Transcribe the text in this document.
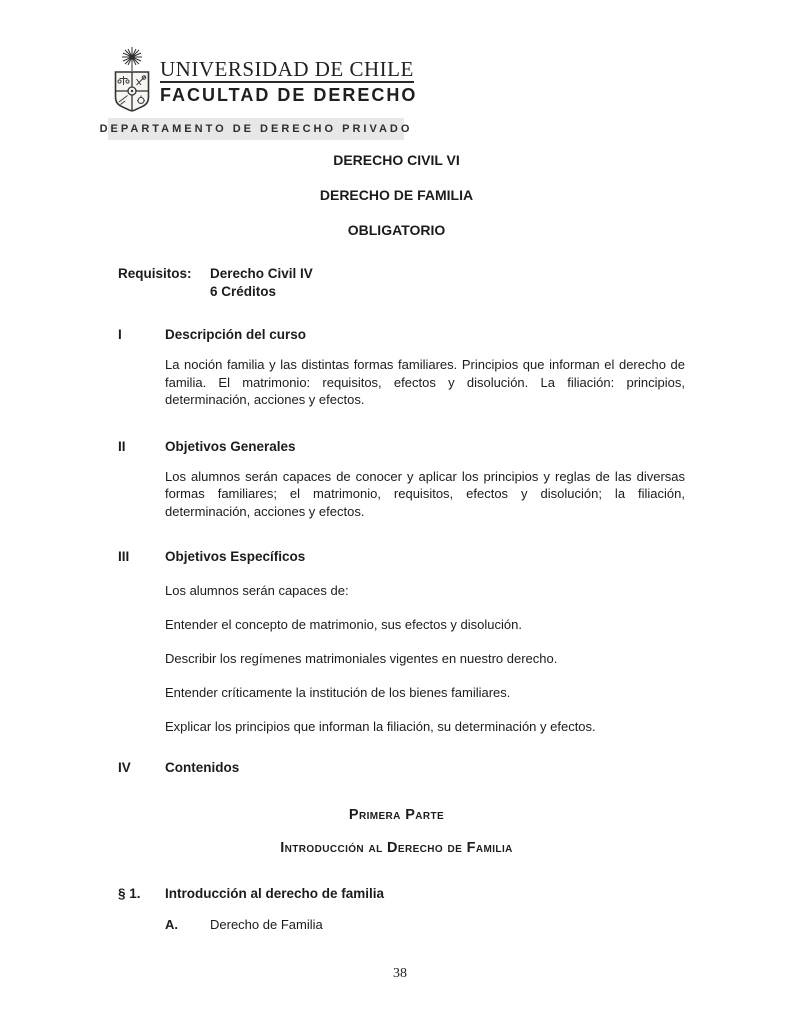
UNIVERSIDAD DE CHILE
FACULTAD DE DERECHO
DEPARTAMENTO DE DERECHO PRIVADO

DERECHO CIVIL VI

DERECHO DE FAMILIA

OBLIGATORIO

Requisitos:	Derecho Civil IV
6 Créditos
I	Descripción del curso

La noción familia y las distintas formas familiares. Principios que informan el derecho de familia. El matrimonio: requisitos, efectos y disolución. La filiación: principios, determinación, acciones y efectos.

II	Objetivos Generales

Los alumnos serán capaces de conocer y aplicar los principios y reglas de las diversas formas familiares; el matrimonio, requisitos, efectos y disolución; la filiación, determinación, acciones y efectos.

III	Objetivos Específicos

Los alumnos serán capaces de:

Entender el concepto de matrimonio, sus efectos y disolución.

Describir los regímenes matrimoniales vigentes en nuestro derecho.

Entender críticamente la institución de los bienes familiares.

Explicar los principios que informan la filiación, su determinación y efectos.

IV	Contenidos
Primera Parte
Introducción al Derecho de Familia
§ 1.	Introducción al derecho de familia
A.	Derecho de Familia
38
